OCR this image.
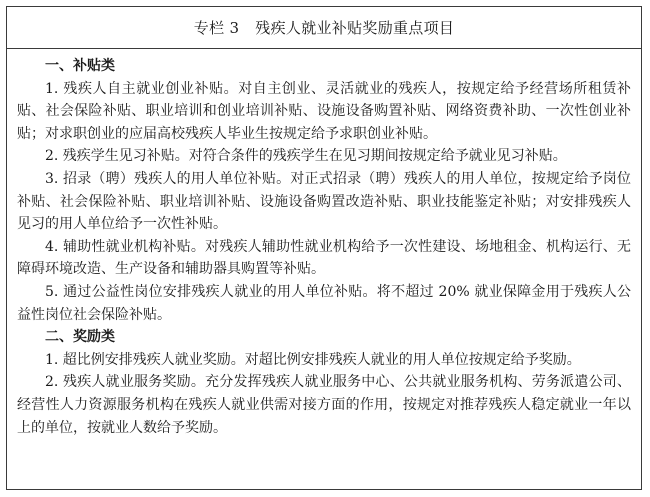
专栏 3 残疾人就业补贴奖励重点项目

一、补贴类

1. 残疾人自主就业创业补贴。对自主创业、灵活就业的残疾人，按规定给予经营场所租赁补贴、社会保险补贴、职业培训和创业培训补贴、设施设备购置补贴、网络资费补助、一次性创业补贴；对求职创业的应届高校残疾人毕业生按规定给予求职创业补贴。

2. 残疾学生见习补贴。对符合条件的残疾学生在见习期间按规定给予就业见习补贴。

3. 招录（聘）残疾人的用人单位补贴。对正式招录（聘）残疾人的用人单位，按规定给予岗位补贴、社会保险补贴、职业培训补贴、设施设备购置改造补贴、职业技能鉴定补贴；对安排残疾人见习的用人单位给予一次性补贴。

4. 辅助性就业机构补贴。对残疾人辅助性就业机构给予一次性建设、场地租金、机构运行、无障碍环境改造、生产设备和辅助器具购置等补贴。

5. 通过公益性岗位安排残疾人就业的用人单位补贴。将不超过 20% 就业保障金用于残疾人公益性岗位社会保险补贴。

二、奖励类

1. 超比例安排残疾人就业奖励。对超比例安排残疾人就业的用人单位按规定给予奖励。

2. 残疾人就业服务奖励。充分发挥残疾人就业服务中心、公共就业服务机构、劳务派遣公司、经营性人力资源服务机构在残疾人就业供需对接方面的作用，按规定对推荐残疾人稳定就业一年以上的单位，按就业人数给予奖励。
